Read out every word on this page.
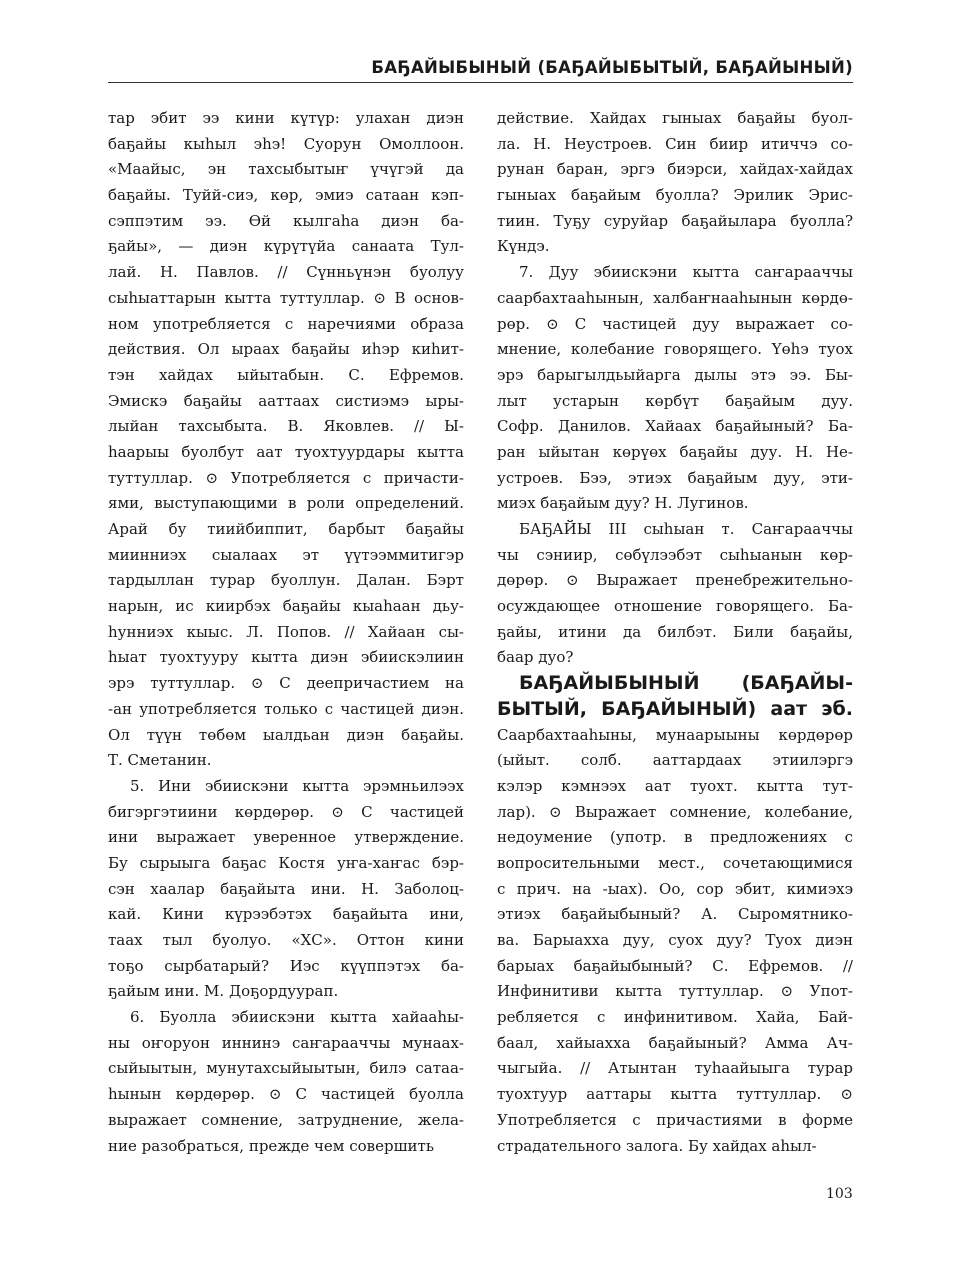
БАҔАЙЫБЫНЫЙ (БАҔАЙЫБЫТЫЙ, БАҔАЙЫНЫЙ)
тар эбит ээ кини күтүр: улахан диэн
баҕайы кыһыл эһэ! Суорун Омоллоон.
«Маайыс, эн тахсыбытыҥ үчүгэй да
баҕайы. Туйй-сиэ, көр, эмиэ сатаан кэп-
сэппэтим ээ. Өй кылгаһа диэн ба-
ҕайы», — диэн күрүтүйа санаата Тул-
лай. Н. Павлов. // Сүнньүнэн буолуу
сыһыаттарын кытта туттуллар. ⊙ В основ-
ном употребляется с наречиями образа
действия. Ол ыраах баҕайы иһэр киһит-
тэн хайдах ыйытабын. С. Ефремов.
Эмискэ баҕайы ааттаах систиэмэ ыры-
лыйан тахсыбыта. В. Яковлев. // Ы-
һаарыы буолбут аат туохтуурдары кытта
туттуллар. ⊙ Употребляется с причасти-
ями, выступающими в роли определений.
Арай бу тиийбиппит, барбыт баҕайы
миинниэх сыалаах эт үүтээммитигэр
тардыллан турар буоллун. Далан. Бэрт
нарын, ис киирбэх баҕайы кыаһаан дьу-
һунниэх кыыс. Л. Попов. // Хайаан сы-
һыат туохтууру кытта диэн эбиискэлиин
эрэ туттуллар. ⊙ С деепричастием на
-ан употребляется только с частицей диэн.
Ол түүн төбөм ыалдьан диэн баҕайы.
Т. Сметанин.
5. Ини эбиискэни кытта эрэмньилээх
бигэргэтиини көрдөрөр. ⊙ С частицей
ини выражает уверенное утверждение.
Бу сырыыга баҕас Костя уҥа-хаҥас бэр-
сэн хаалар баҕайыта ини. Н. Заболоц-
кай. Кини күрээбэтэх баҕайыта ини,
таах тыл буолуо. «ХС». Оттон кини
тоҕо сырбатарый? Иэс күүппэтэх ба-
ҕайым ини. М. Доҕордуурап.
6. Буолла эбиискэни кытта хайааһы-
ны оҥоруон иннинэ саҥарааччы мунаах-
сыйыытын, мунутахсыйыытын, билэ сатаа-
һынын көрдөрөр. ⊙ С частицей буолла
выражает сомнение, затруднение, жела-
ние разобраться, прежде чем совершить
действие. Хайдах гыныах баҕайы буол-
ла. Н. Неустроев. Син биир итиччэ со-
рунан баран, эргэ биэрси, хайдах-хайдах
гыныах баҕайым буолла? Эрилик Эрис-
тиин. Туҕу суруйар баҕайылара буолла?
Күндэ.
7. Дуу эбиискэни кытта саҥарааччы
саарбахтааһынын, халбаҥнааһынын көрдө-
рөр. ⊙ С частицей дуу выражает со-
мнение, колебание говорящего. Үөһэ туох
эрэ барыгылдьыйарга дылы этэ ээ. Бы-
лыт устарын көрбүт баҕайым дуу.
Софр. Данилов. Хайаах баҕайыный? Ба-
ран ыйытан көрүөх баҕайы дуу. Н. Не-
устроев. Бээ, этиэх баҕайым дуу, эти-
миэх баҕайым дуу? Н. Лугинов.
БАҔАЙЫ III сыһыан т. Саҥарааччы
чы сэниир, сөбүлээбэт сыһыанын көр-
дөрөр. ⊙ Выражает пренебрежительно-
осуждающее отношение говорящего. Ба-
ҕайы, итини да билбэт. Били баҕайы,
баар дуо?
БАҔАЙЫБЫНЫЙ (БАҔАЙЫ-
БЫТЫЙ, БАҔАЙЫНЫЙ) аат эб.
Саарбахтааһыны, мунаарыыны көрдөрөр
(ыйыт. солб. ааттардаах этиилэргэ
кэлэр кэмнээх аат туохт. кытта тут-
лар). ⊙ Выражает сомнение, колебание,
недоумение (употр. в предложениях с
вопросительными мест., сочетающимися
с прич. на -ыах). Оо, сор эбит, кимиэхэ
этиэх баҕайыбыный? А. Сыромятнико-
ва. Барыахха дуу, суох дуу? Туох диэн
барыах баҕайыбыный? С. Ефремов. //
Инфинитиви кытта туттуллар. ⊙ Упот-
ребляется с инфинитивом. Хайа, Бай-
баал, хайыахха баҕайыный? Амма Ач-
чыгыйа. // Атынтан туһаайыыга турар
туохтуур ааттары кытта туттуллар. ⊙
Употребляется с причастиями в форме
страдательного залога. Бу хайдах аһыл-
103
